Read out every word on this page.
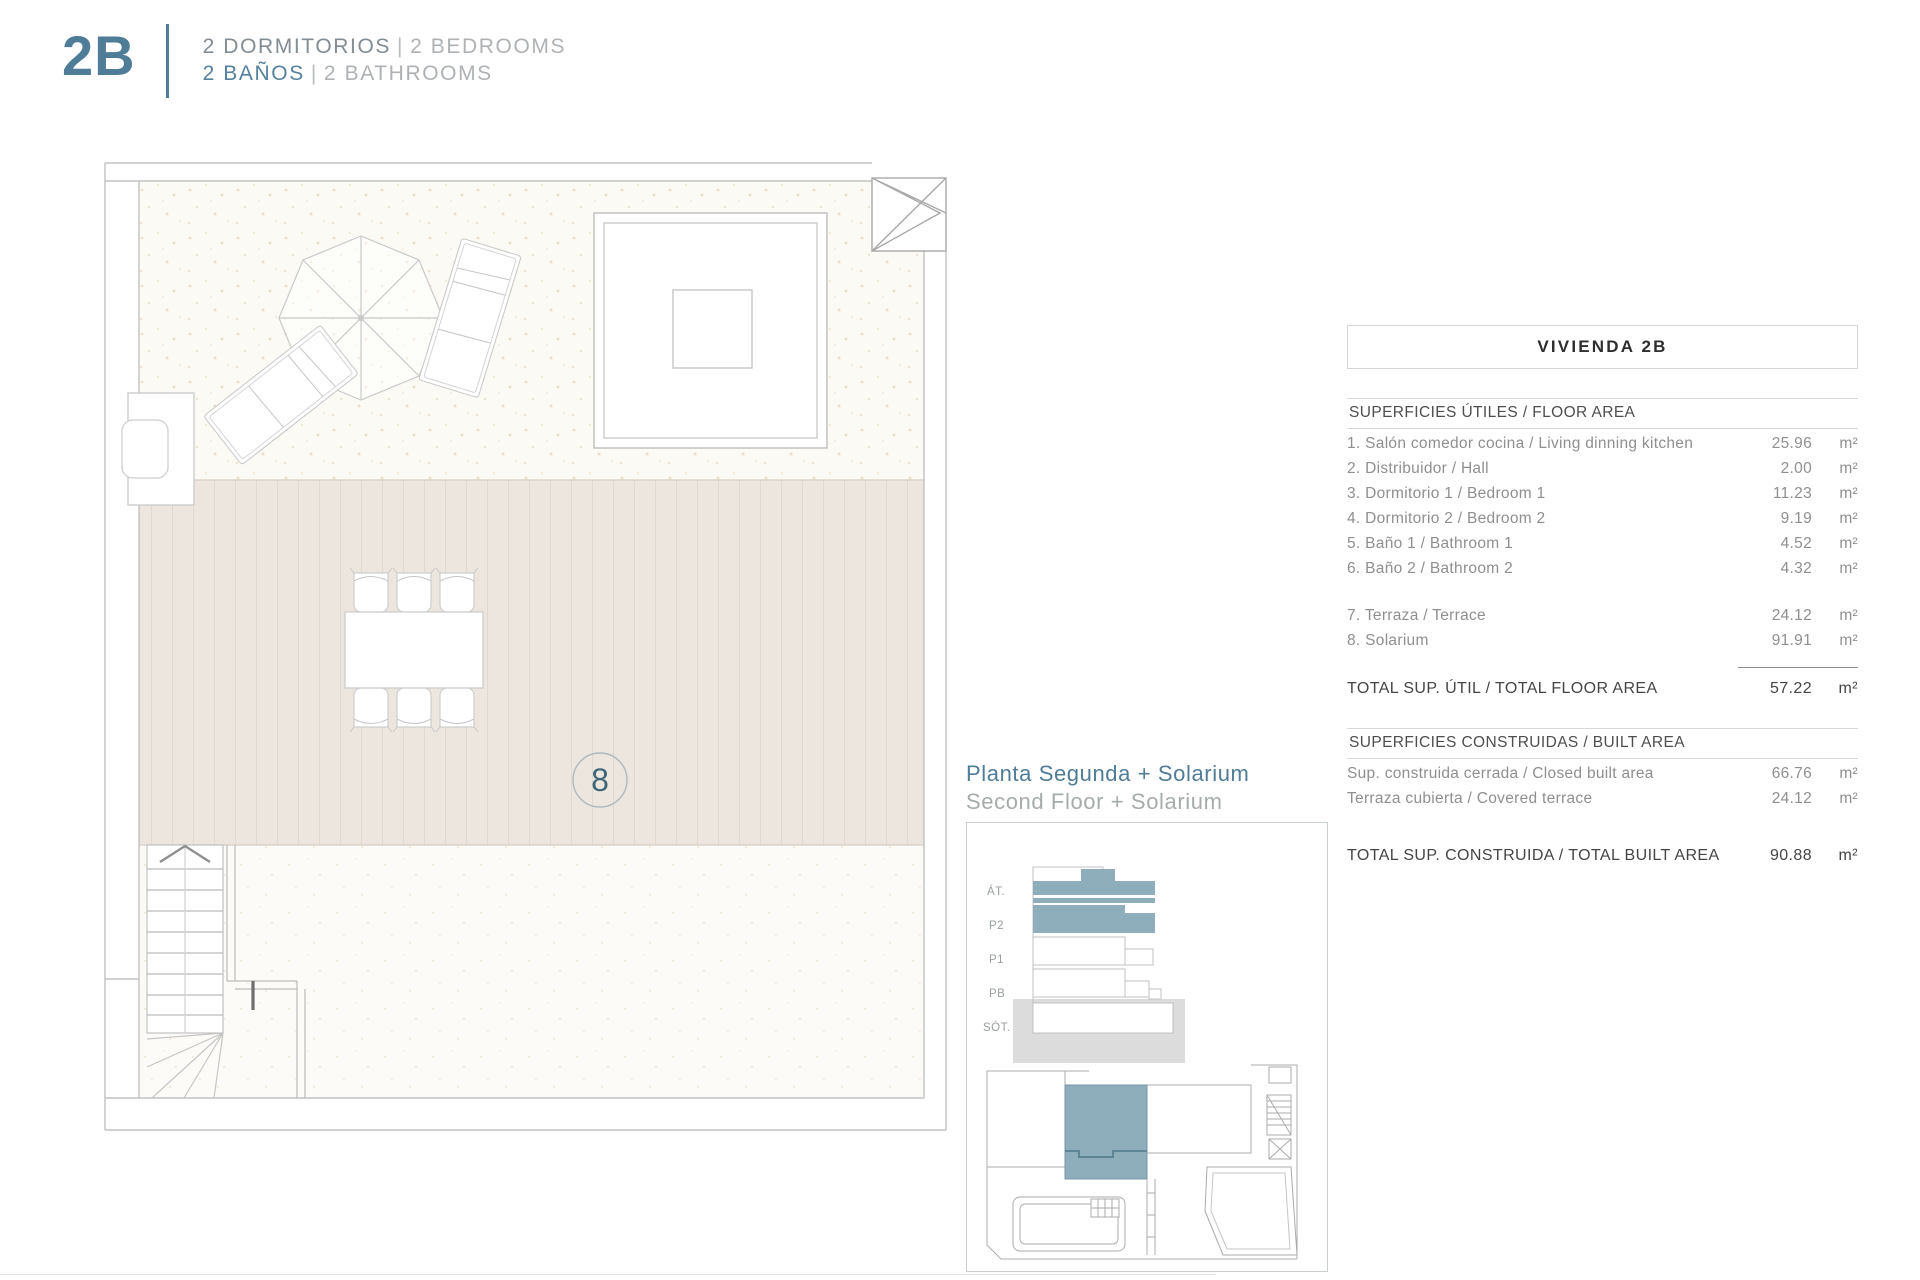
2B	2 DORMITORIOS | 2 BEDROOMS
2 BAÑOS | 2 BATHROOMS
8	Planta Segunda + Solarium
Second Floor + Solarium
ÁT.
P2
P1
PB
SÓT.
VIVIENDA 2B
SUPERFICIES ÚTILES / FLOOR AREA
1. Salón comedor cocina / Living dinning kitchen	25.96	m²
2. Distribuidor / Hall	2.00	m²
3. Dormitorio 1 / Bedroom 1	11.23	m²
4. Dormitorio 2 / Bedroom 2	9.19	m²
5. Baño 1 / Bathroom 1	4.52	m²
6. Baño 2 / Bathroom 2	4.32	m²
7. Terraza / Terrace	24.12	m²
8. Solarium	91.91	m²
TOTAL SUP. ÚTIL / TOTAL FLOOR AREA	57.22	m²
SUPERFICIES CONSTRUIDAS / BUILT AREA
Sup. construida cerrada / Closed built area	66.76	m²
Terraza cubierta / Covered terrace	24.12	m²
TOTAL SUP. CONSTRUIDA / TOTAL BUILT AREA	90.88	m²
